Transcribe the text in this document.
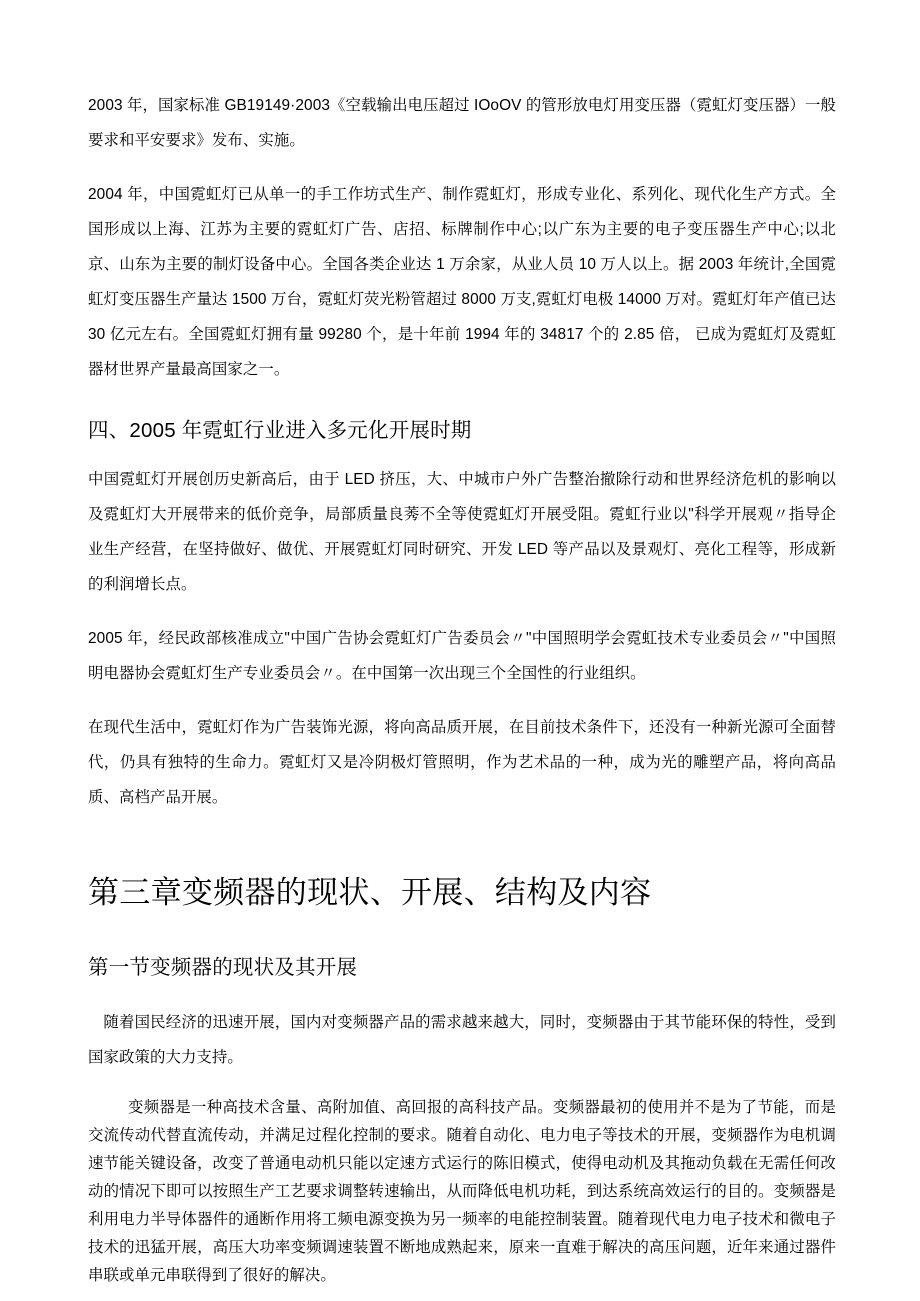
2003 年，国家标准 GB19149·2003《空载输出电压超过 IOoOV 的管形放电灯用变压器（霓虹灯变压器）一般要求和平安要求》发布、实施。

2004 年，中国霓虹灯已从单一的手工作坊式生产、制作霓虹灯，形成专业化、系列化、现代化生产方式。全国形成以上海、江苏为主要的霓虹灯广告、店招、标牌制作中心;以广东为主要的电子变压器生产中心;以北京、山东为主要的制灯设备中心。全国各类企业达 1 万余家，从业人员 10 万人以上。据 2003 年统计,全国霓虹灯变压器生产量达 1500 万台，霓虹灯荧光粉管超过 8000 万支,霓虹灯电极 14000 万对。霓虹灯年产值已达 30 亿元左右。全国霓虹灯拥有量 99280 个，是十年前 1994 年的 34817 个的 2.85 倍， 已成为霓虹灯及霓虹器材世界产量最高国家之一。

四、2005 年霓虹行业进入多元化开展时期

中国霓虹灯开展创历史新高后，由于 LED 挤压，大、中城市户外广告整治撤除行动和世界经济危机的影响以及霓虹灯大开展带来的低价竞争，局部质量良莠不全等使霓虹灯开展受阻。霓虹行业以"科学开展观〃指导企业生产经营，在坚持做好、做优、开展霓虹灯同时研究、开发 LED 等产品以及景观灯、亮化工程等，形成新的利润增长点。

2005 年，经民政部核准成立"中国广告协会霓虹灯广告委员会〃"中国照明学会霓虹技术专业委员会〃"中国照明电器协会霓虹灯生产专业委员会〃。在中国第一次出现三个全国性的行业组织。

在现代生活中，霓虹灯作为广告装饰光源，将向高品质开展，在目前技术条件下，还没有一种新光源可全面替代，仍具有独特的生命力。霓虹灯又是冷阴极灯管照明，作为艺术品的一种，成为光的雕塑产品，将向高品质、高档产品开展。

第三章变频器的现状、开展、结构及内容
第一节变频器的现状及其开展

随着国民经济的迅速开展，国内对变频器产品的需求越来越大，同时，变频器由于其节能环保的特性，受到国家政策的大力支持。

变频器是一种高技术含量、高附加值、高回报的高科技产品。变频器最初的使用并不是为了节能，而是交流传动代替直流传动，并满足过程化控制的要求。随着自动化、电力电子等技术的开展，变频器作为电机调速节能关键设备，改变了普通电动机只能以定速方式运行的陈旧模式，使得电动机及其拖动负载在无需任何改动的情况下即可以按照生产工艺要求调整转速输出，从而降低电机功耗，到达系统高效运行的目的。变频器是利用电力半导体器件的通断作用将工频电源变换为另一频率的电能控制装置。随着现代电力电子技术和微电子技术的迅猛开展，高压大功率变频调速装置不断地成熟起来，原来一直难于解决的高压问题，近年来通过器件串联或单元串联得到了很好的解决。
